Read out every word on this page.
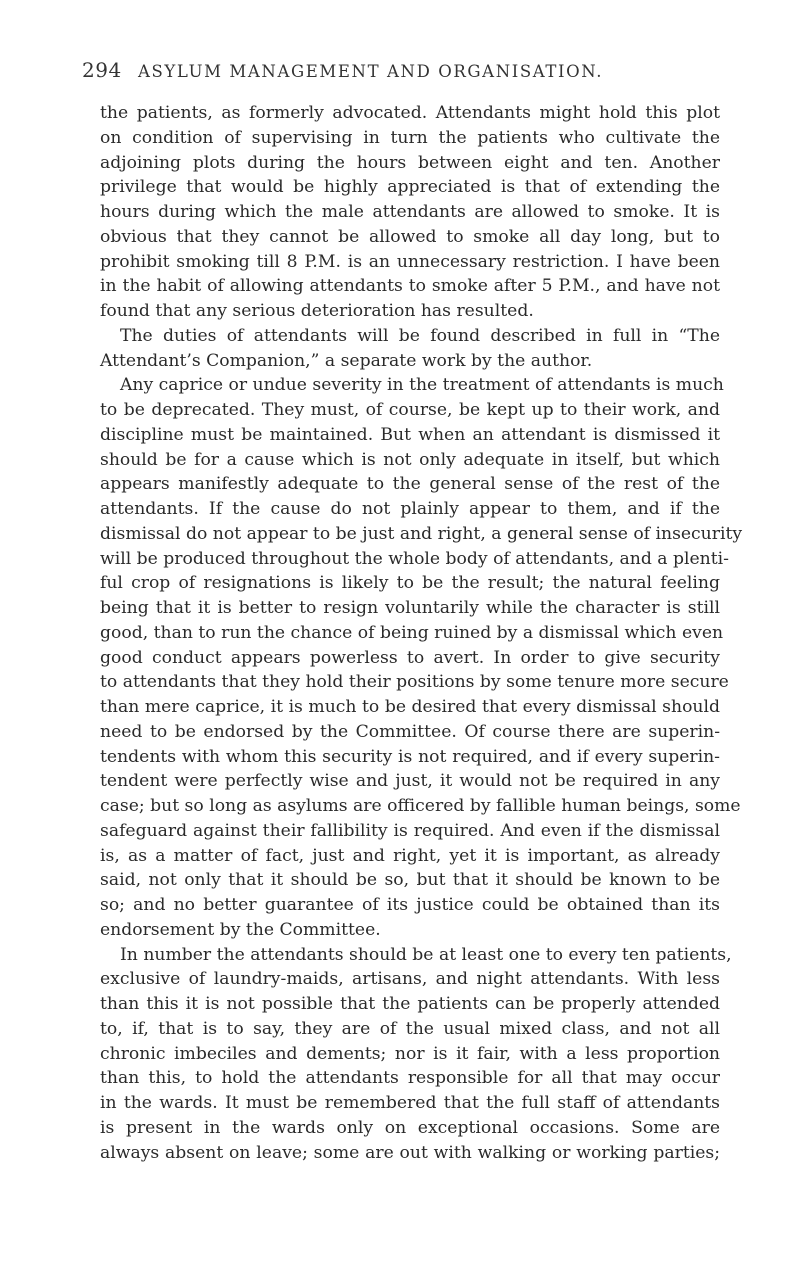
294 ASYLUM MANAGEMENT AND ORGANISATION.
the patients, as formerly advocated. Attendants might hold this plot
on condition of supervising in turn the patients who cultivate the
adjoining plots during the hours between eight and ten. Another
privilege that would be highly appreciated is that of extending the
hours during which the male attendants are allowed to smoke. It is
obvious that they cannot be allowed to smoke all day long, but to
prohibit smoking till 8 P.M. is an unnecessary restriction. I have been
in the habit of allowing attendants to smoke after 5 P.M., and have not
found that any serious deterioration has resulted.
The duties of attendants will be found described in full in “The
Attendant’s Companion,” a separate work by the author.
Any caprice or undue severity in the treatment of attendants is much
to be deprecated. They must, of course, be kept up to their work, and
discipline must be maintained. But when an attendant is dismissed it
should be for a cause which is not only adequate in itself, but which
appears manifestly adequate to the general sense of the rest of the
attendants. If the cause do not plainly appear to them, and if the
dismissal do not appear to be just and right, a general sense of insecurity
will be produced throughout the whole body of attendants, and a plenti-
ful crop of resignations is likely to be the result; the natural feeling
being that it is better to resign voluntarily while the character is still
good, than to run the chance of being ruined by a dismissal which even
good conduct appears powerless to avert. In order to give security
to attendants that they hold their positions by some tenure more secure
than mere caprice, it is much to be desired that every dismissal should
need to be endorsed by the Committee. Of course there are superin-
tendents with whom this security is not required, and if every superin-
tendent were perfectly wise and just, it would not be required in any
case; but so long as asylums are officered by fallible human beings, some
safeguard against their fallibility is required. And even if the dismissal
is, as a matter of fact, just and right, yet it is important, as already
said, not only that it should be so, but that it should be known to be
so; and no better guarantee of its justice could be obtained than its
endorsement by the Committee.
In number the attendants should be at least one to every ten patients,
exclusive of laundry-maids, artisans, and night attendants. With less
than this it is not possible that the patients can be properly attended
to, if, that is to say, they are of the usual mixed class, and not all
chronic imbeciles and dements; nor is it fair, with a less proportion
than this, to hold the attendants responsible for all that may occur
in the wards. It must be remembered that the full staff of attendants
is present in the wards only on exceptional occasions. Some are
always absent on leave; some are out with walking or working parties;
